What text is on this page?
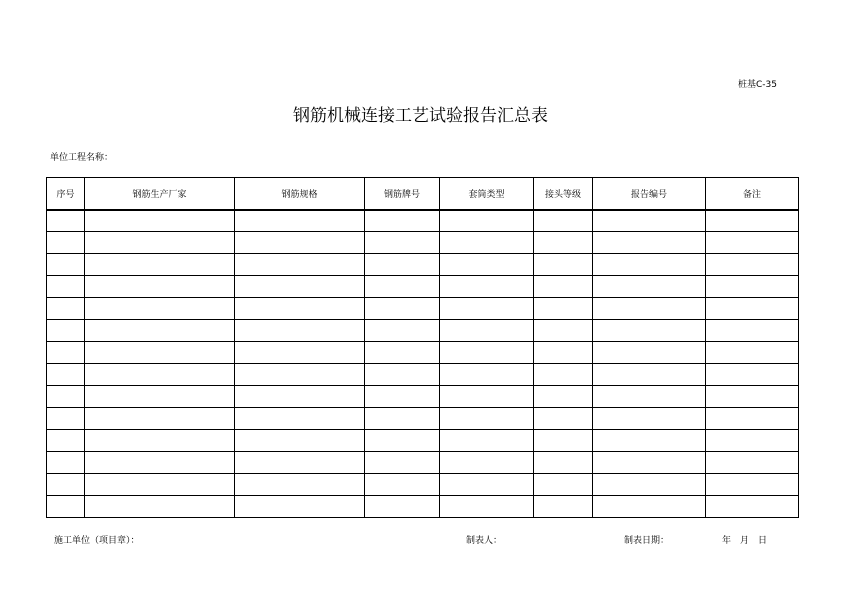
桩基C-35
钢筋机械连接工艺试验报告汇总表
单位工程名称：
序号	钢筋生产厂家	钢筋规格	钢筋牌号	套筒类型	接头等级	报告编号	备注

施工单位（项目章）：	制表人：	制表日期：	年　月　日
